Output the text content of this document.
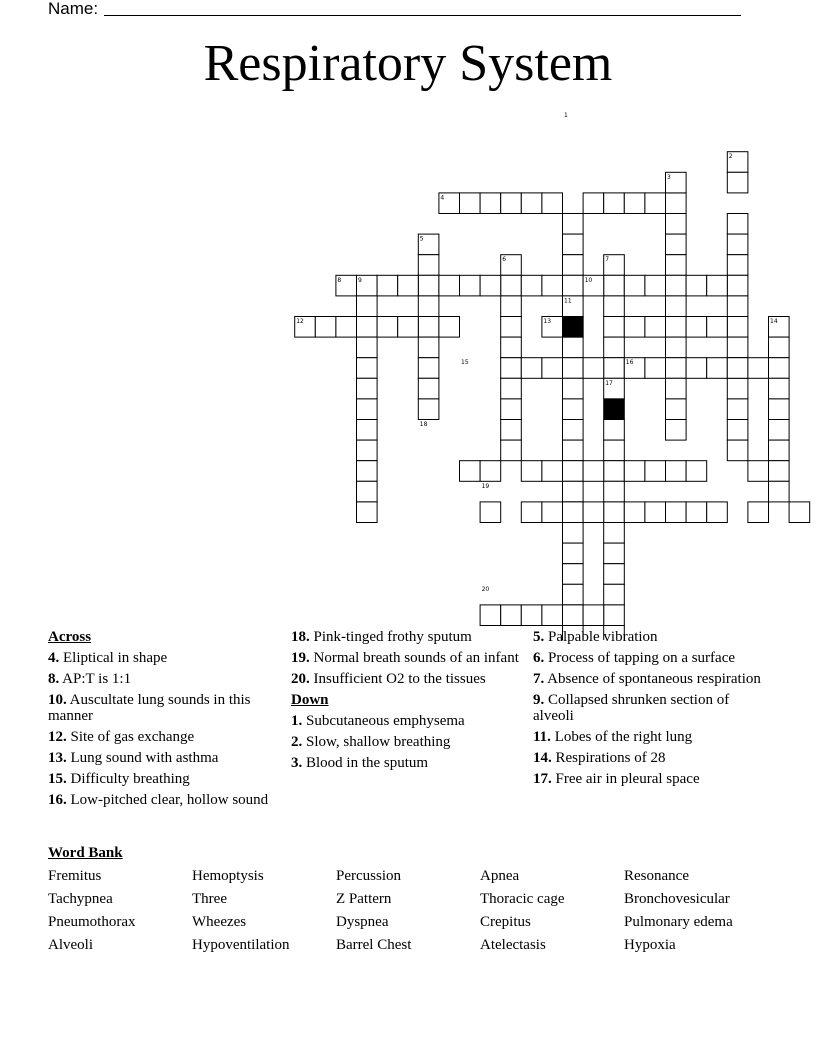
Name:
Respiratory System
1
2
3
4
5
6	7
8	9	10
11
12	13	14
15	16
17
18
19
20
Across
4. Eliptical in shape
8. AP:T is 1:1
10. Auscultate lung sounds in this manner
12. Site of gas exchange
13. Lung sound with asthma
15. Difficulty breathing
16. Low-pitched clear, hollow sound
18. Pink-tinged frothy sputum
19. Normal breath sounds of an infant
20. Insufficient O2 to the tissues
Down
1. Subcutaneous emphysema
2. Slow, shallow breathing
3. Blood in the sputum
5. Palpable vibration
6. Process of tapping on a surface
7. Absence of spontaneous respiration
9. Collapsed shrunken section of alveoli
11. Lobes of the right lung
14. Respirations of 28
17. Free air in pleural space
Word Bank
Fremitus	Hemoptysis	Percussion	Apnea	Resonance
Tachypnea	Three	Z Pattern	Thoracic cage	Bronchovesicular
Pneumothorax	Wheezes	Dyspnea	Crepitus	Pulmonary edema
Alveoli	Hypoventilation	Barrel Chest	Atelectasis	Hypoxia
